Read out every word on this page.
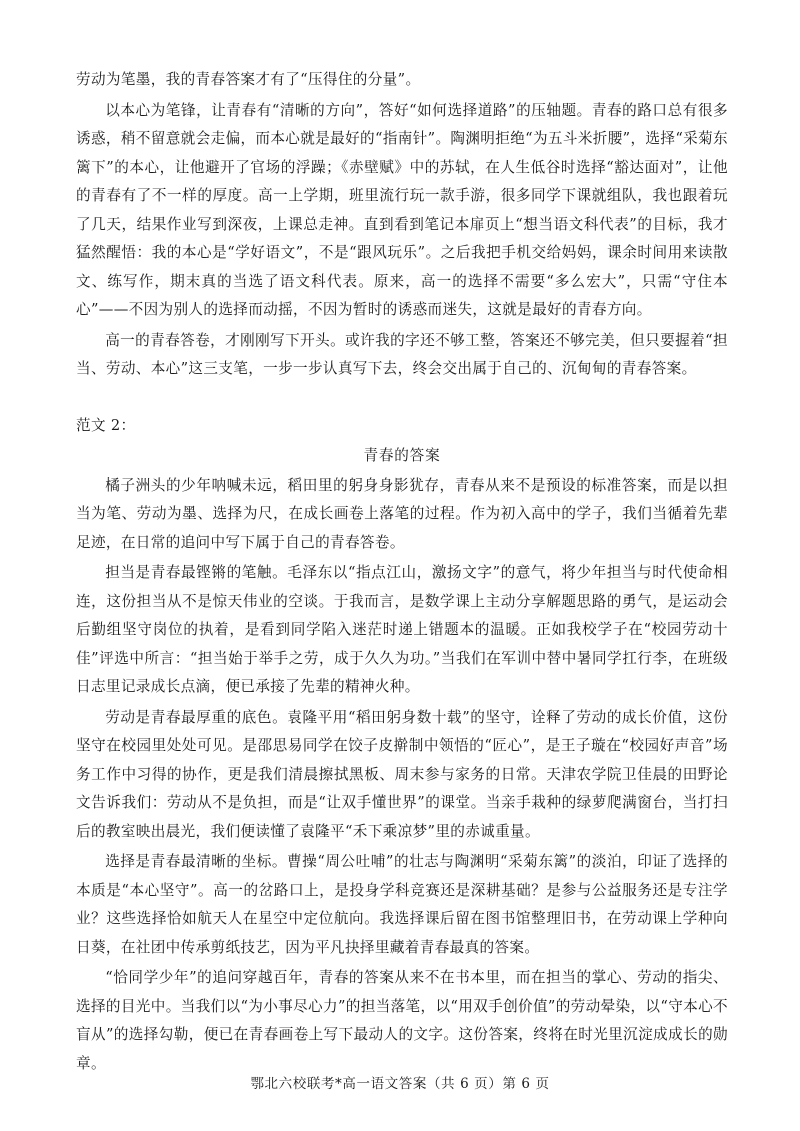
劳动为笔墨，我的青春答案才有了“压得住的分量”。

以本心为笔锋，让青春有“清晰的方向”，答好“如何选择道路”的压轴题。青春的路口总有很多诱惑，稍不留意就会走偏，而本心就是最好的“指南针”。陶渊明拒绝“为五斗米折腰”，选择“采菊东篱下”的本心，让他避开了官场的浮躁；《赤壁赋》中的苏轼，在人生低谷时选择“豁达面对”，让他的青春有了不一样的厚度。高一上学期，班里流行玩一款手游，很多同学下课就组队，我也跟着玩了几天，结果作业写到深夜，上课总走神。直到看到笔记本扉页上“想当语文科代表”的目标，我才猛然醒悟：我的本心是“学好语文”，不是“跟风玩乐”。之后我把手机交给妈妈，课余时间用来读散文、练写作，期末真的当选了语文科代表。原来，高一的选择不需要“多么宏大”，只需“守住本心”——不因为别人的选择而动摇，不因为暂时的诱惑而迷失，这就是最好的青春方向。

高一的青春答卷，才刚刚写下开头。或许我的字还不够工整，答案还不够完美，但只要握着“担当、劳动、本心”这三支笔，一步一步认真写下去，终会交出属于自己的、沉甸甸的青春答案。

范文 2：

青春的答案

橘子洲头的少年呐喊未远，稻田里的躬身身影犹存，青春从来不是预设的标准答案，而是以担当为笔、劳动为墨、选择为尺，在成长画卷上落笔的过程。作为初入高中的学子，我们当循着先辈足迹，在日常的追问中写下属于自己的青春答卷。

担当是青春最铿锵的笔触。毛泽东以“指点江山，激扬文字”的意气，将少年担当与时代使命相连，这份担当从不是惊天伟业的空谈。于我而言，是数学课上主动分享解题思路的勇气，是运动会后勤组坚守岗位的执着，是看到同学陷入迷茫时递上错题本的温暖。正如我校学子在“校园劳动十佳”评选中所言：“担当始于举手之劳，成于久久为功。”当我们在军训中替中暑同学扛行李，在班级日志里记录成长点滴，便已承接了先辈的精神火种。

劳动是青春最厚重的底色。袁隆平用“稻田躬身数十载”的坚守，诠释了劳动的成长价值，这份坚守在校园里处处可见。是邵思易同学在饺子皮擀制中领悟的“匠心”，是王子璇在“校园好声音”场务工作中习得的协作，更是我们清晨擦拭黑板、周末参与家务的日常。天津农学院卫佳晨的田野论文告诉我们：劳动从不是负担，而是“让双手懂世界”的课堂。当亲手栽种的绿萝爬满窗台，当打扫后的教室映出晨光，我们便读懂了袁隆平“禾下乘凉梦”里的赤诚重量。

选择是青春最清晰的坐标。曹操“周公吐哺”的壮志与陶渊明“采菊东篱”的淡泊，印证了选择的本质是“本心坚守”。高一的岔路口上，是投身学科竞赛还是深耕基础？是参与公益服务还是专注学业？这些选择恰如航天人在星空中定位航向。我选择课后留在图书馆整理旧书，在劳动课上学种向日葵，在社团中传承剪纸技艺，因为平凡抉择里藏着青春最真的答案。

“恰同学少年”的追问穿越百年，青春的答案从来不在书本里，而在担当的掌心、劳动的指尖、选择的目光中。当我们以“为小事尽心力”的担当落笔，以“用双手创价值”的劳动晕染，以“守本心不盲从”的选择勾勒，便已在青春画卷上写下最动人的文字。这份答案，终将在时光里沉淀成成长的勋章。

鄂北六校联考*高一语文答案（共 6 页）第 6 页
